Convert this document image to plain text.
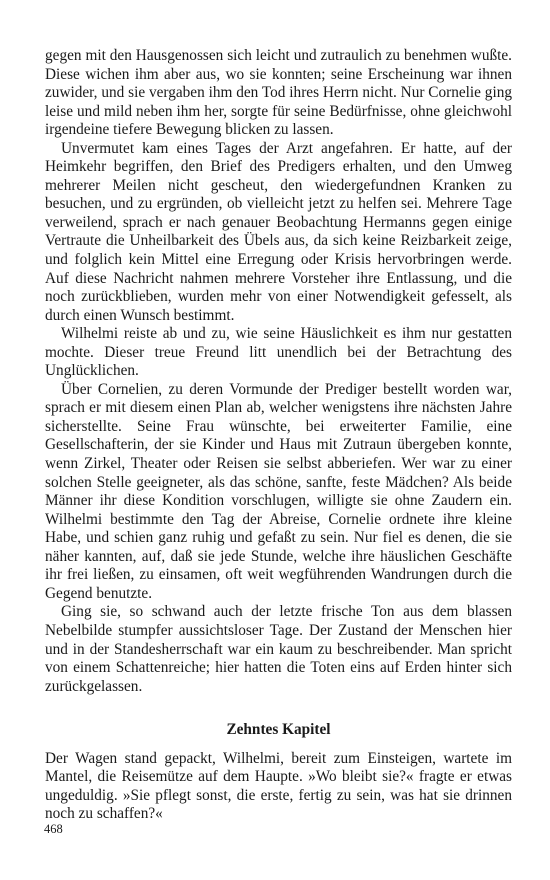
gegen mit den Hausgenossen sich leicht und zutraulich zu benehmen wußte. Diese wichen ihm aber aus, wo sie konnten; seine Erscheinung war ihnen zuwider, und sie vergaben ihm den Tod ihres Herrn nicht. Nur Cornelie ging leise und mild neben ihm her, sorgte für seine Bedürfnisse, ohne gleichwohl irgendeine tiefere Bewegung blicken zu lassen.

Unvermutet kam eines Tages der Arzt angefahren. Er hatte, auf der Heimkehr begriffen, den Brief des Predigers erhalten, und den Umweg mehrerer Meilen nicht gescheut, den wiedergefundnen Kranken zu besuchen, und zu ergründen, ob vielleicht jetzt zu helfen sei. Mehrere Tage verweilend, sprach er nach genauer Beobachtung Hermanns gegen einige Vertraute die Unheilbarkeit des Übels aus, da sich keine Reizbarkeit zeige, und folglich kein Mittel eine Erregung oder Krisis hervorbringen werde. Auf diese Nachricht nahmen mehrere Vorsteher ihre Entlassung, und die noch zurückblieben, wurden mehr von einer Notwendigkeit gefesselt, als durch einen Wunsch bestimmt.

Wilhelmi reiste ab und zu, wie seine Häuslichkeit es ihm nur gestatten mochte. Dieser treue Freund litt unendlich bei der Betrachtung des Unglücklichen.

Über Cornelien, zu deren Vormunde der Prediger bestellt worden war, sprach er mit diesem einen Plan ab, welcher wenigstens ihre nächsten Jahre sicherstellte. Seine Frau wünschte, bei erweiterter Familie, eine Gesellschafterin, der sie Kinder und Haus mit Zutraun übergeben konnte, wenn Zirkel, Theater oder Reisen sie selbst abberiefen. Wer war zu einer solchen Stelle geeigneter, als das schöne, sanfte, feste Mädchen? Als beide Männer ihr diese Kondition vorschlugen, willigte sie ohne Zaudern ein. Wilhelmi bestimmte den Tag der Abreise, Cornelie ordnete ihre kleine Habe, und schien ganz ruhig und gefaßt zu sein. Nur fiel es denen, die sie näher kannten, auf, daß sie jede Stunde, welche ihre häuslichen Geschäfte ihr frei ließen, zu einsamen, oft weit wegführenden Wandrungen durch die Gegend benutzte.

Ging sie, so schwand auch der letzte frische Ton aus dem blassen Nebelbilde stumpfer aussichtsloser Tage. Der Zustand der Menschen hier und in der Standesherrschaft war ein kaum zu beschreibender. Man spricht von einem Schattenreiche; hier hatten die Toten eins auf Erden hinter sich zurückgelassen.

Zehntes Kapitel

Der Wagen stand gepackt, Wilhelmi, bereit zum Einsteigen, wartete im Mantel, die Reisemütze auf dem Haupte. »Wo bleibt sie?« fragte er etwas ungeduldig. »Sie pflegt sonst, die erste, fertig zu sein, was hat sie drinnen noch zu schaffen?«

468
